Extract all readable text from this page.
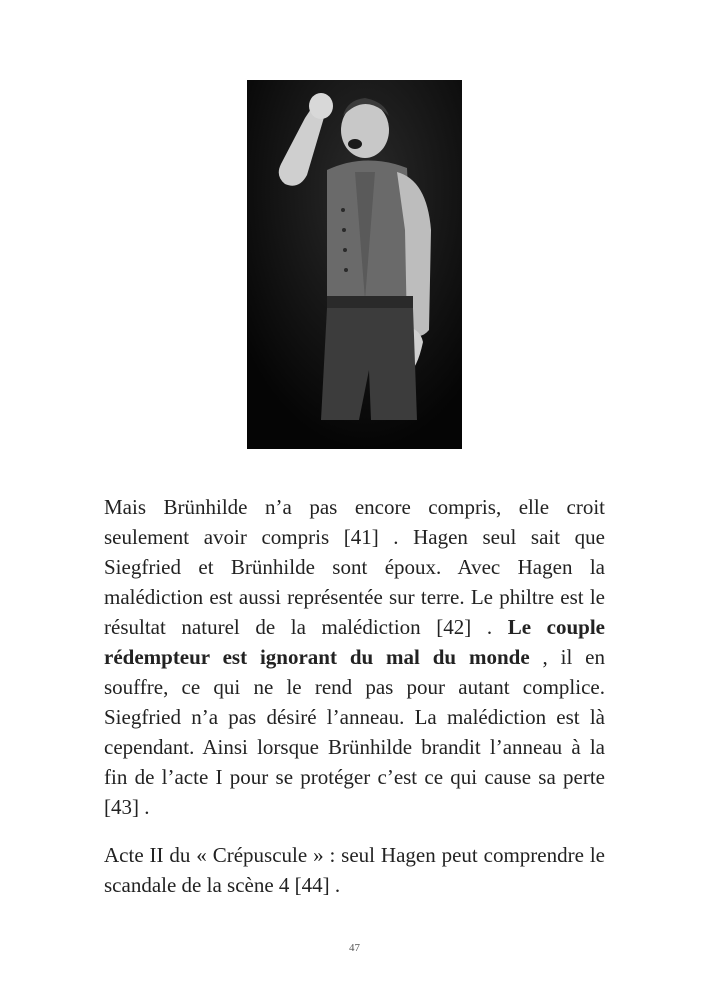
Mais Brünhilde n’a pas encore compris, elle croit seulement avoir compris [41] . Hagen seul sait que Siegfried et Brünhilde sont époux. Avec Hagen la malédiction est aussi représentée sur terre. Le philtre est le résultat naturel de la malédiction [42] . Le couple rédempteur est ignorant du mal du monde , il en souffre, ce qui ne le rend pas pour autant complice. Siegfried n’a pas désiré l’anneau. La malédiction est là cependant. Ainsi lorsque Brünhilde brandit l’anneau à la fin de l’acte I pour se protéger c’est ce qui cause sa perte [43] .

Acte II du « Crépuscule » : seul Hagen peut comprendre le scandale de la scène 4 [44] .

47
